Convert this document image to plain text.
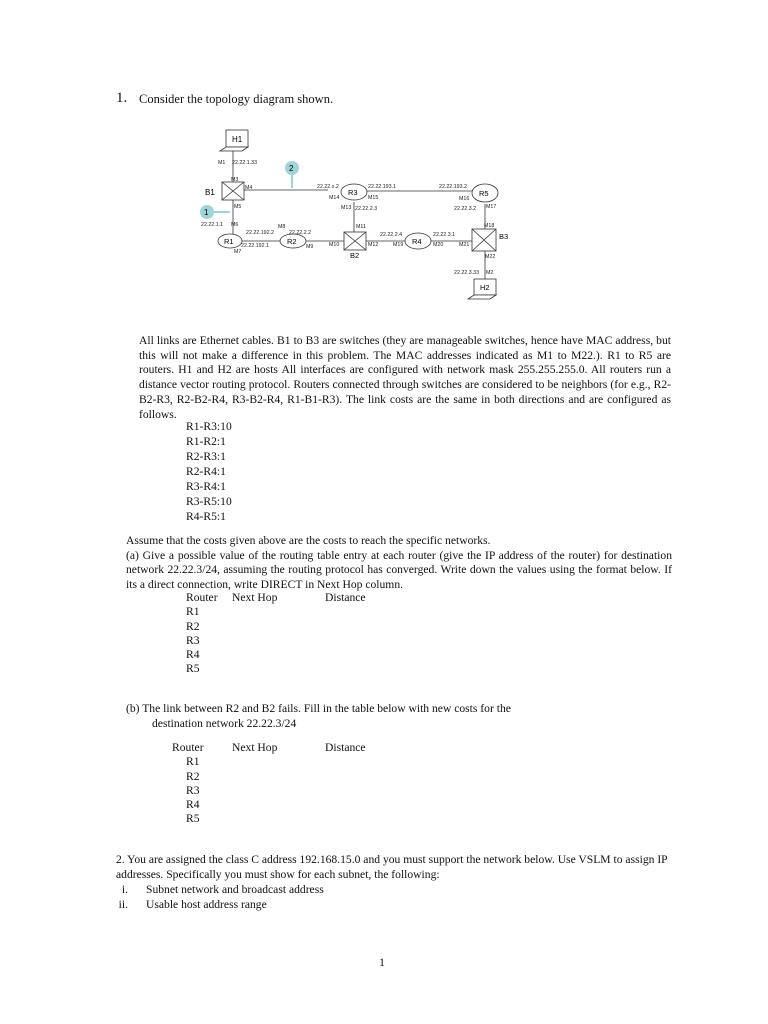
1. Consider the topology diagram shown.
H1
B1
R1	R2
B2
R3
R4
R5
B3
H2
2
1
M1 22.22.1.33
M3
M4
M5
22.22.1.1 M6
M7
22.22.192.1
22.22.192.2
M8
M9
22.22.2.2
22.22.x.2
M14
22.22.193.1
M15
M13 22.22.2.3
M11
M10	M12
22.22.2.4
M19
22.22.3.1
M20
22.22.193.2
M16
22.22.3.2 M17
M18
M21
M22
22.22.3.33 M2

All links are Ethernet cables. B1 to B3 are switches (they are manageable switches, hence have MAC address, but this will not make a difference in this problem. The MAC addresses indicated as M1 to M22.). R1 to R5 are routers. H1 and H2 are hosts All interfaces are configured with network mask 255.255.255.0. All routers run a distance vector routing protocol. Routers connected through switches are considered to be neighbors (for e.g., R2-B2-R3, R2-B2-R4, R3-B2-R4, R1-B1-R3). The link costs are the same in both directions and are configured as follows.

R1-R3:10
R1-R2:1
R2-R3:1
R2-R4:1
R3-R4:1
R3-R5:10
R4-R5:1
Assume that the costs given above are the costs to reach the specific networks.
(a) Give a possible value of the routing table entry at each router (give the IP address of the router) for destination network 22.22.3/24, assuming the routing protocol has converged. Write down the values using the format below. If its a direct connection, write DIRECT in Next Hop column.
Router Next Hop	Distance
R1
R2
R3
R4
R5
(b) The link between R2 and B2 fails. Fill in the table below with new costs for the
destination network 22.22.3/24
Router Next Hop	Distance
R1
R2
R3
R4
R5
2. You are assigned the class C address 192.168.15.0 and you must support the network below. Use VSLM to assign IP addresses. Specifically you must show for each subnet, the following:
i. Subnet network and broadcast address
ii. Usable host address range
1
